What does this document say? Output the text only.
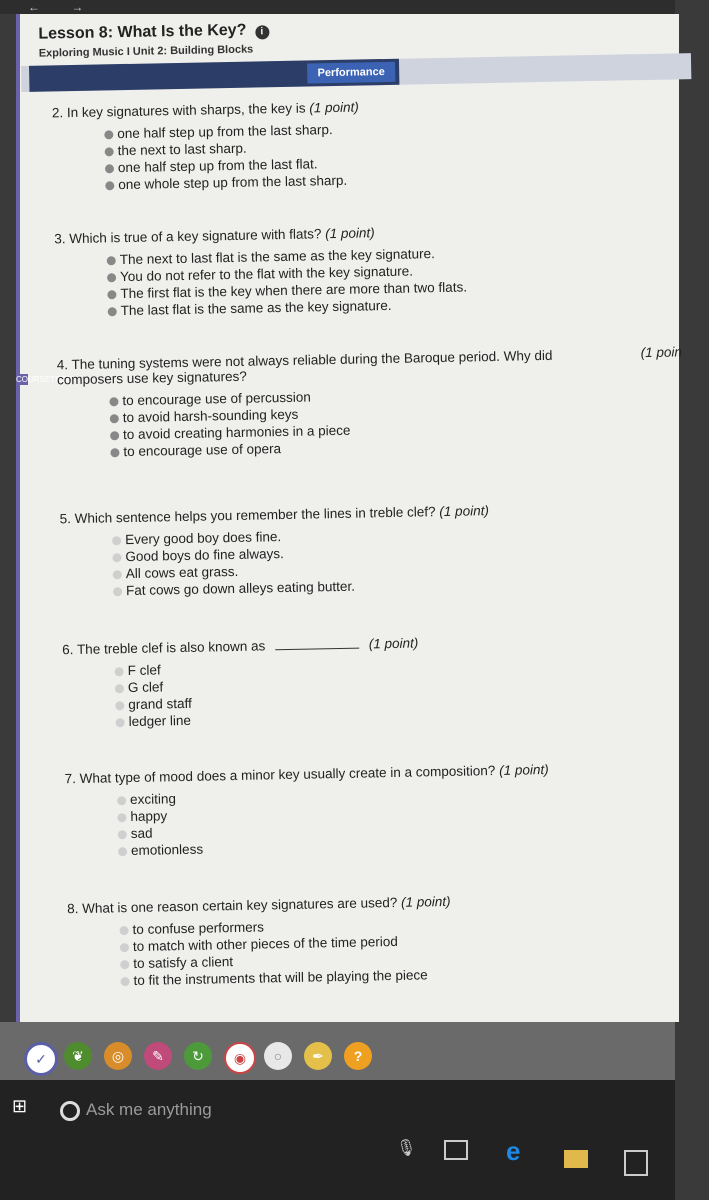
←	→
COURSETREE
Lesson 8: What Is the Key? i
Exploring Music I Unit 2: Building Blocks
Performance
2. In key signatures with sharps, the key is (1 point)
one half step up from the last sharp.
the next to last sharp.
one half step up from the last flat.
one whole step up from the last sharp.
3. Which is true of a key signature with flats? (1 point)
The next to last flat is the same as the key signature.
You do not refer to the flat with the key signature.
The first flat is the key when there are more than two flats.
The last flat is the same as the key signature.
4. The tuning systems were not always reliable during the Baroque period. Why did composers use key signatures?
to encourage use of percussion
to avoid harsh-sounding keys
to avoid creating harmonies in a piece
to encourage use of opera
(1 poin
5. Which sentence helps you remember the lines in treble clef? (1 point)
Every good boy does fine.
Good boys do fine always.
All cows eat grass.
Fat cows go down alleys eating butter.
6. The treble clef is also known as	(1 point)
F clef
G clef
grand staff
ledger line
7. What type of mood does a minor key usually create in a composition? (1 point)
exciting
happy
sad
emotionless
8. What is one reason certain key signatures are used? (1 point)
to confuse performers
to match with other pieces of the time period
to satisfy a client
to fit the instruments that will be playing the piece
✓	❦	◎	✎	↻	◉	○	✒	?
⊞	Ask me anything
🎙	e
